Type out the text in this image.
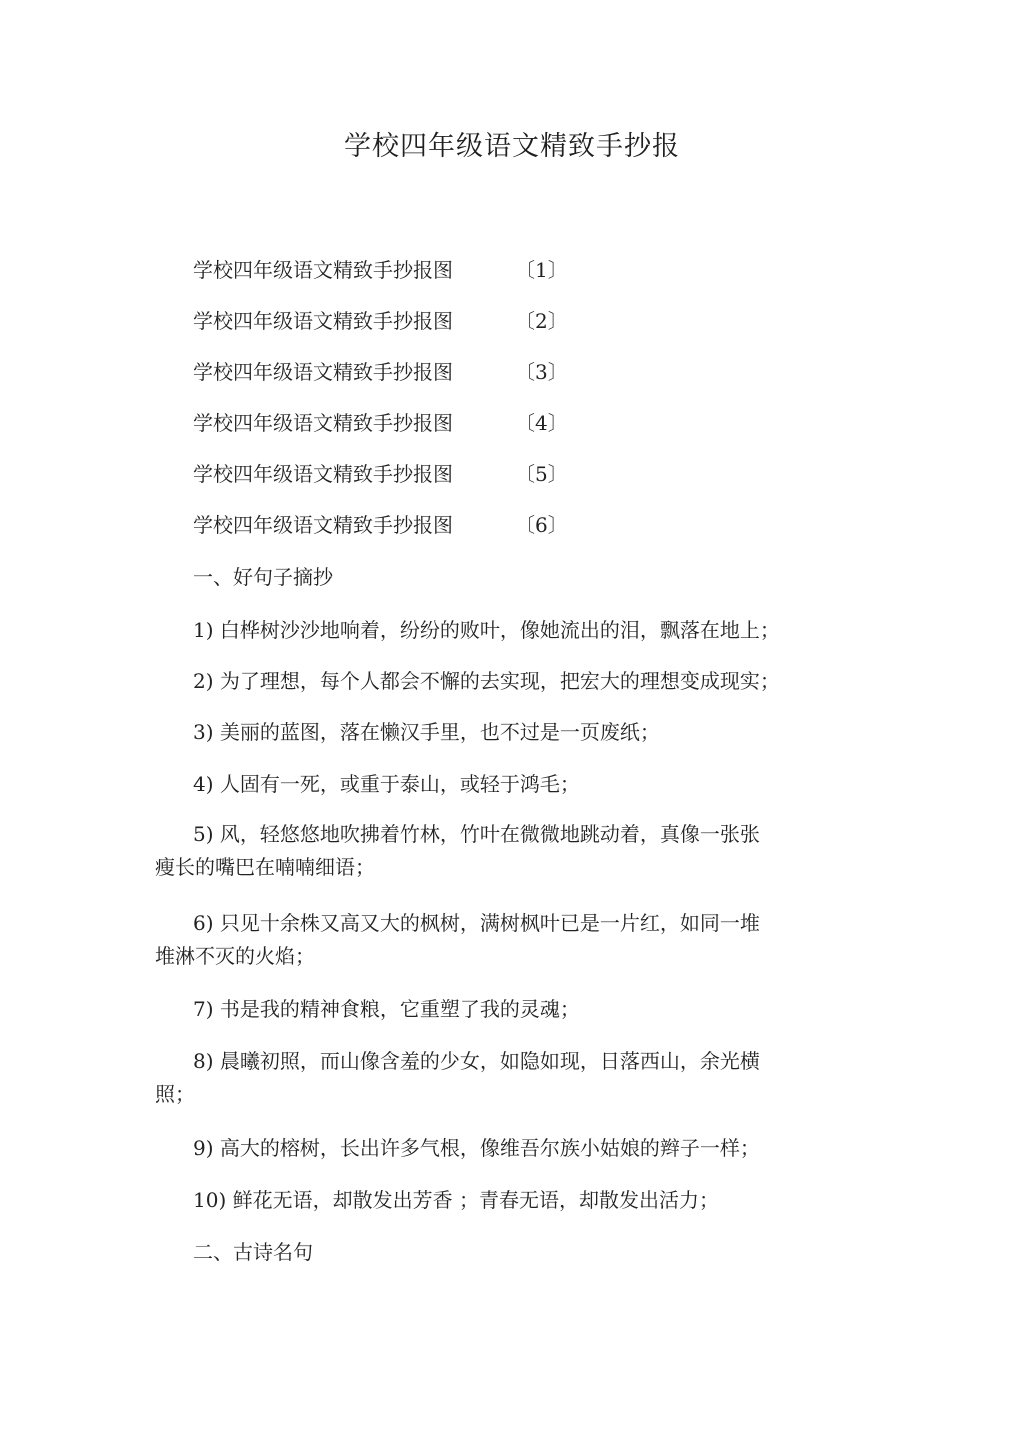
学校四年级语文精致手抄报
学校四年级语文精致手抄报图	〔1〕
学校四年级语文精致手抄报图	〔2〕
学校四年级语文精致手抄报图	〔3〕
学校四年级语文精致手抄报图	〔4〕
学校四年级语文精致手抄报图	〔5〕
学校四年级语文精致手抄报图	〔6〕
一、好句子摘抄
1) 白桦树沙沙地响着，纷纷的败叶，像她流出的泪，飘落在地上；
2) 为了理想，每个人都会不懈的去实现，把宏大的理想变成现实；
3) 美丽的蓝图，落在懒汉手里，也不过是一页废纸；
4) 人固有一死，或重于泰山，或轻于鸿毛；
5) 风，轻悠悠地吹拂着竹林，竹叶在微微地跳动着，真像一张张
瘦长的嘴巴在喃喃细语；
6) 只见十余株又高又大的枫树，满树枫叶已是一片红，如同一堆
堆淋不灭的火焰；
7) 书是我的精神食粮，它重塑了我的灵魂；
8) 晨曦初照，而山像含羞的少女，如隐如现，日落西山，余光横
照；
9) 高大的榕树，长出许多气根，像维吾尔族小姑娘的辫子一样；
10) 鲜花无语，却散发出芳香 ；青春无语，却散发出活力；
二、古诗名句
